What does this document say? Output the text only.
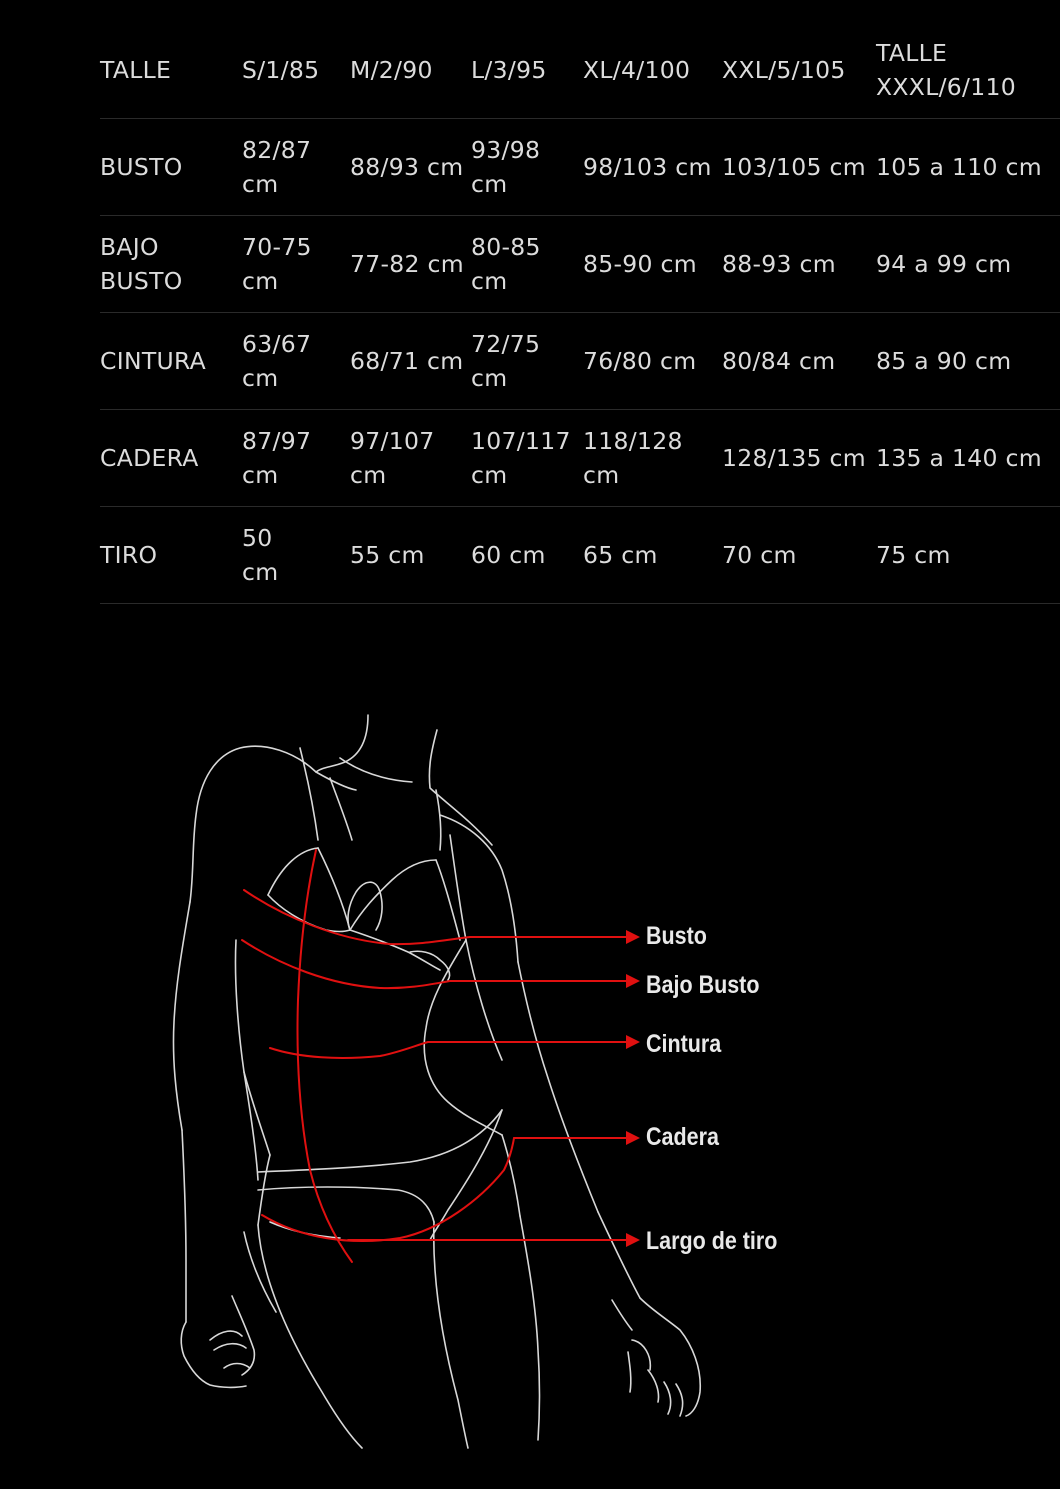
TALLE	S/1/85	M/2/90	L/3/95	XL/4/100	XXL/5/105	TALLE XXXL/6/110
BUSTO	82/87 cm	88/93 cm	93/98 cm	98/103 cm	103/105 cm	105 a 110 cm
BAJO BUSTO	70-75 cm	77-82 cm	80-85 cm	85-90 cm	88-93 cm	94 a 99 cm
CINTURA	63/67 cm	68/71 cm	72/75 cm	76/80 cm	80/84 cm	85 a 90 cm
CADERA	87/97 cm	97/107 cm	107/117 cm	118/128 cm	128/135 cm	135 a 140 cm
TIRO	50 cm	55 cm	60 cm	65 cm	70 cm	75 cm
Busto
Bajo Busto
Cintura
Cadera
Largo de tiro
